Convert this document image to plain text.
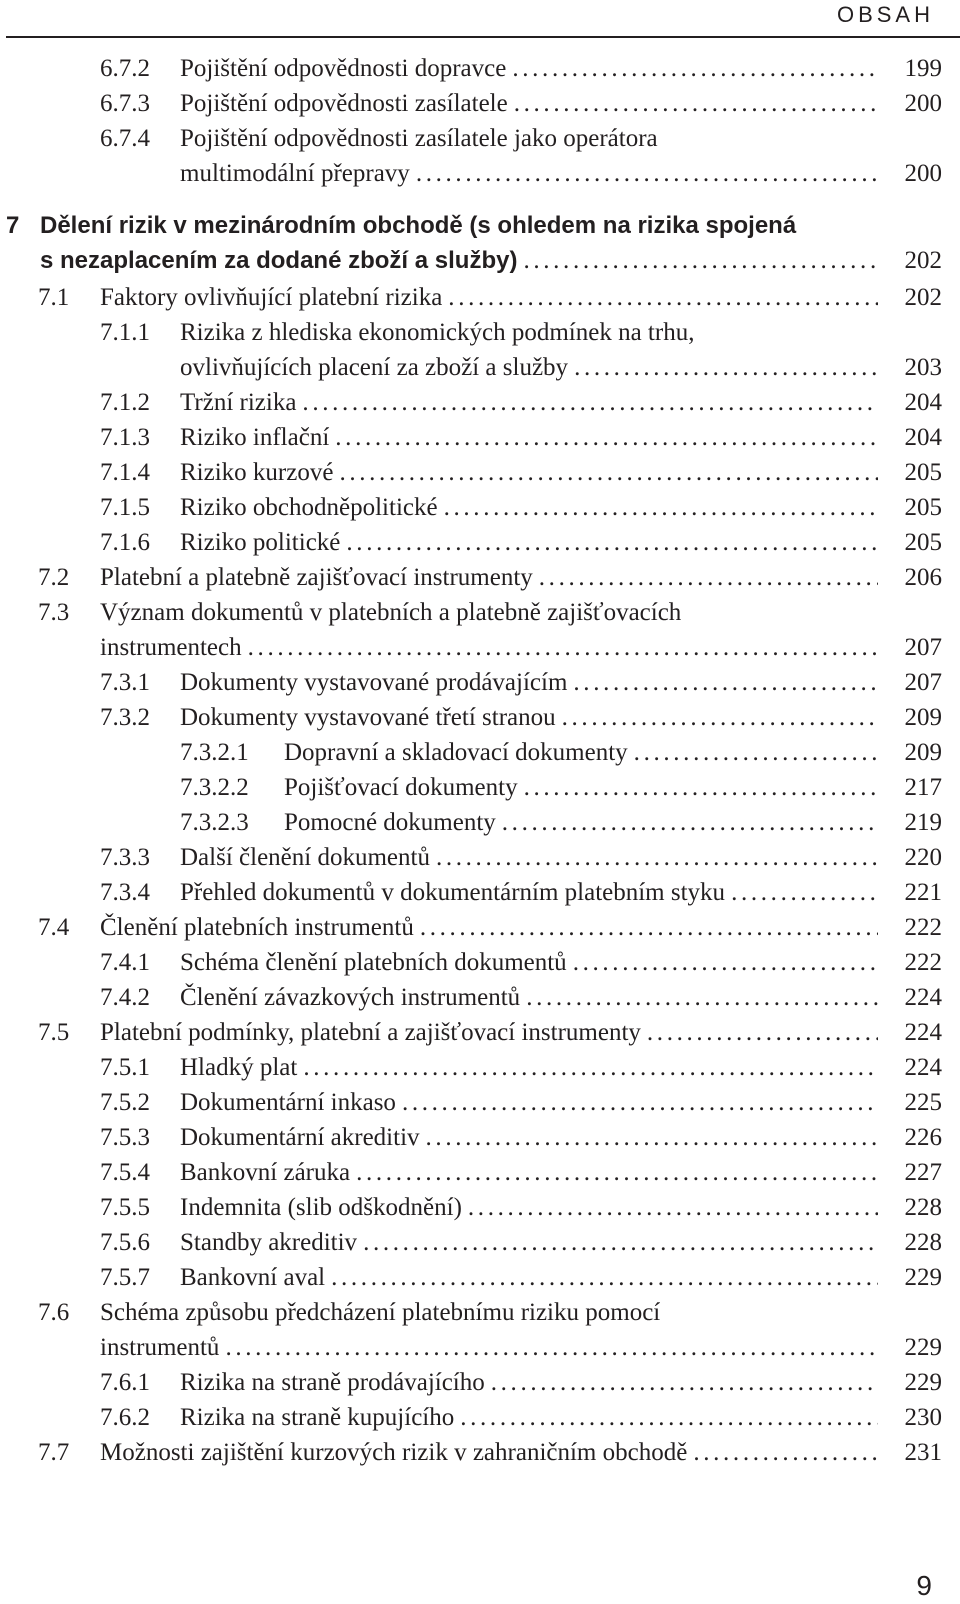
OBSAH
6.7.2 Pojištění odpovědnosti dopravce . . .	199
6.7.3 Pojištění odpovědnosti zasílatele . . .	200
6.7.4 Pojištění odpovědnosti zasílatele jako operátora
multimodální přepravy . . .	200
7 Dělení rizik v mezinárodním obchodě (s ohledem na rizika spojená
s nezaplacením za dodané zboží a služby) . . .	202
7.1 Faktory ovlivňující platební rizika . . .	202
7.1.1 Rizika z hlediska ekonomických podmínek na trhu,
ovlivňujících placení za zboží a služby . . .	203
7.1.2 Tržní rizika . . .	204
7.1.3 Riziko inflační . . .	204
7.1.4 Riziko kurzové . . .	205
7.1.5 Riziko obchodněpolitické . . .	205
7.1.6 Riziko politické . . .	205
7.2 Platební a platebně zajišťovací instrumenty . . .	206
7.3 Význam dokumentů v platebních a platebně zajišťovacích
instrumentech . . .	207
7.3.1 Dokumenty vystavované prodávajícím . . .	207
7.3.2 Dokumenty vystavované třetí stranou . . .	209
7.3.2.1 Dopravní a skladovací dokumenty . . .	209
7.3.2.2 Pojišťovací dokumenty . . .	217
7.3.2.3 Pomocné dokumenty . . .	219
7.3.3 Další členění dokumentů . . .	220
7.3.4 Přehled dokumentů v dokumentárním platebním styku . . .	221
7.4 Členění platebních instrumentů . . .	222
7.4.1 Schéma členění platebních dokumentů . . .	222
7.4.2 Členění závazkových instrumentů . . .	224
7.5 Platební podmínky, platební a zajišťovací instrumenty . . .	224
7.5.1 Hladký plat . . .	224
7.5.2 Dokumentární inkaso . . .	225
7.5.3 Dokumentární akreditiv . . .	226
7.5.4 Bankovní záruka . . .	227
7.5.5 Indemnita (slib odškodnění) . . .	228
7.5.6 Standby akreditiv . . .	228
7.5.7 Bankovní aval . . .	229
7.6 Schéma způsobu předcházení platebnímu riziku pomocí
instrumentů . . .	229
7.6.1 Rizika na straně prodávajícího . . .	229
7.6.2 Rizika na straně kupujícího . . .	230
7.7 Možnosti zajištění kurzových rizik v zahraničním obchodě . . .	231
9
